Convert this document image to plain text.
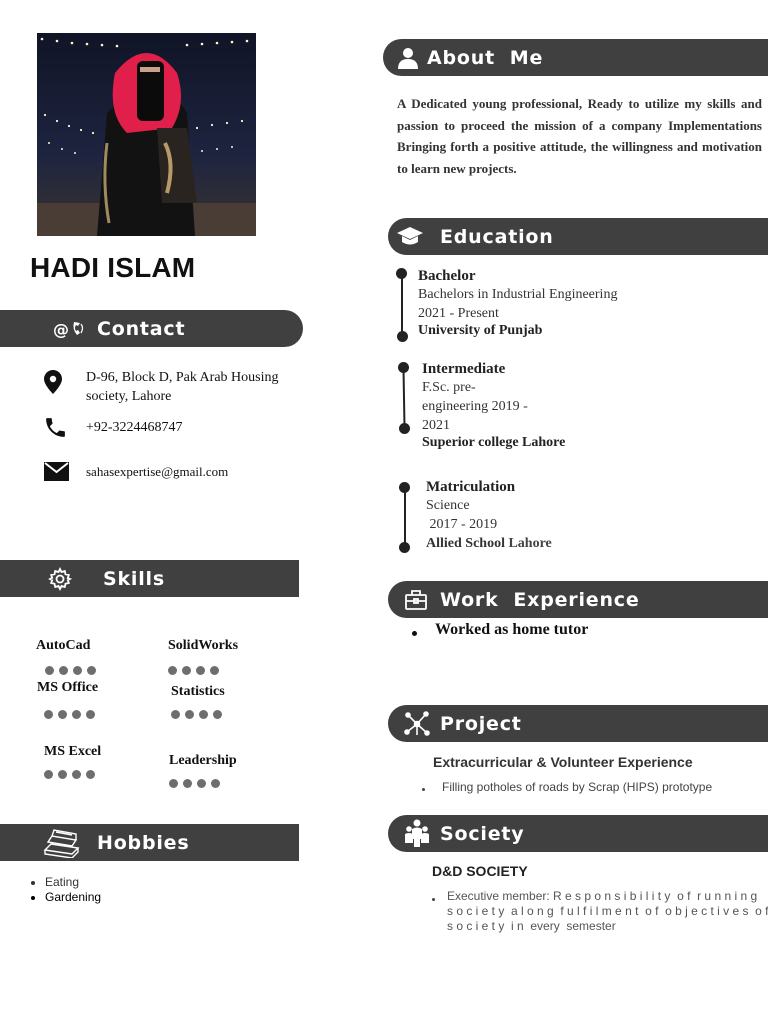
HADI ISLAM
@ Contact
D-96, Block D, Pak Arab Housing
society, Lahore
+92-3224468747
sahasexpertise@gmail.com
Skills
AutoCad	SolidWorks
MS Office	Statistics
MS Excel
Leadership
Hobbies
• Eating
• Gardening
About  Me
A Dedicated young professional, Ready to utilize my skills and passion to proceed the mission of a company Implementations Bringing forth a positive attitude, the willingness and motivation to learn new projects.
Education
Bachelor
Bachelors in Industrial Engineering
2021 - Present
University of Punjab
Intermediate
F.Sc. pre-
engineering 2019 -
2021
Superior college Lahore
Matriculation
Science
2017 - 2019
Allied School Lahore
Work  Experience
Worked as home tutor
Project
Extracurricular & Volunteer Experience
Filling potholes of roads by Scrap (HIPS) prototype
Society
D&D SOCIETY
Executive member: R e s p o n s i b i l i t y  o f  r u n n i n g
s o c i e t y  a l o n g  f u l f i l m e n t  o f  o b j e c t i v e s  o f
s o c i e t y  i n  every  semester
